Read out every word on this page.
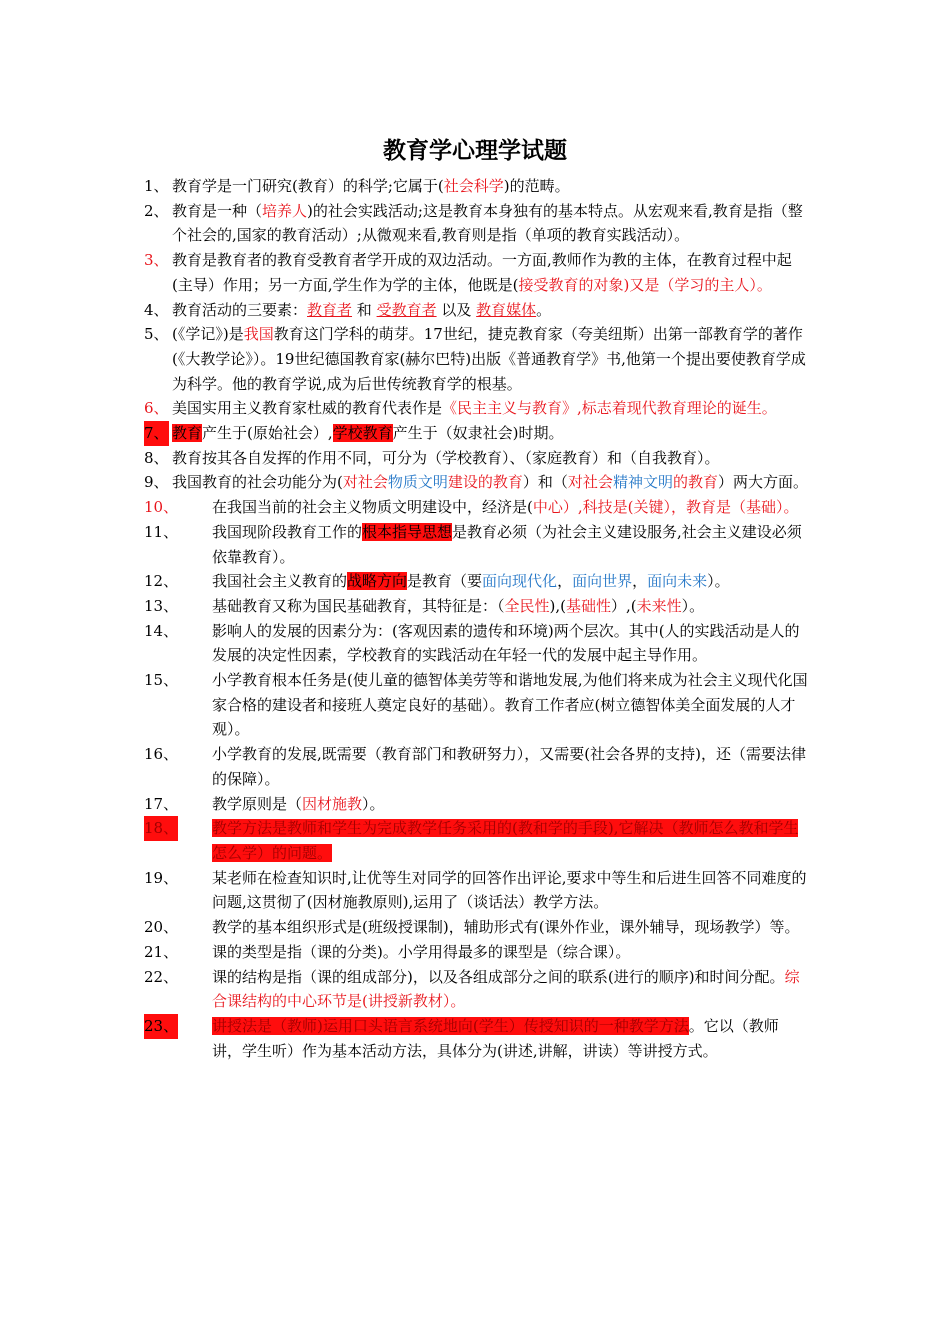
教育学心理学试题
1、 教育学是一门研究(教育）的科学;它属于(社会科学)的范畴。
2、 教育是一种（培养人)的社会实践活动;这是教育本身独有的基本特点。从宏观来看,教育是指（整个社会的,国家的教育活动）;从微观来看,教育则是指（单项的教育实践活动）。
3、 教育是教育者的教育受教育者学开成的双边活动。一方面,教师作为教的主体，在教育过程中起(主导）作用；另一方面,学生作为学的主体，他既是(接受教育的对象)又是（学习的主人）。
4、 教育活动的三要素：教育者 和 受教育者 以及 教育媒体。
5、 (《学记》)是我国教育这门学科的萌芽。17世纪，捷克教育家（夸美纽斯）出第一部教育学的著作(《大教学论》）。19世纪德国教育家(赫尔巴特)出版《普通教育学》书,他第一个提出要使教育学成为科学。他的教育学说,成为后世传统教育学的根基。
6、 美国实用主义教育家杜威的教育代表作是《民主主义与教育》,标志着现代教育理论的诞生。
7、 教育产生于(原始社会）,学校教育产生于（奴隶社会)时期。
8、 教育按其各自发挥的作用不同，可分为（学校教育）、（家庭教育）和（自我教育）。
9、 我国教育的社会功能分为(对社会物质文明建设的教育）和（对社会精神文明的教育）两大方面。
10、 在我国当前的社会主义物质文明建设中，经济是(中心）,科技是(关键），教育是（基础）。
11、 我国现阶段教育工作的根本指导思想是教育必须（为社会主义建设服务,社会主义建设必须依靠教育）。
12、 我国社会主义教育的战略方向是教育（要面向现代化，面向世界，面向未来）。
13、 基础教育又称为国民基础教育，其特征是：（全民性),(基础性）,(未来性）。
14、 影响人的发展的因素分为：(客观因素的遗传和环境)两个层次。其中(人的实践活动是人的发展的决定性因素，学校教育的实践活动在年轻一代的发展中起主导作用。
15、 小学教育根本任务是(使儿童的德智体美劳等和谐地发展,为他们将来成为社会主义现代化国家合格的建设者和接班人奠定良好的基础）。教育工作者应(树立德智体美全面发展的人才观）。
16、 小学教育的发展,既需要（教育部门和教研努力），又需要(社会各界的支持)，还（需要法律的保障）。
17、 教学原则是（因材施教）。
18、 教学方法是教师和学生为完成教学任务采用的(教和学的手段),它解决（教师怎么教和学生怎么学）的问题。
19、 某老师在检查知识时,让优等生对同学的回答作出评论,要求中等生和后进生回答不同难度的问题,这贯彻了(因材施教原则),运用了（谈话法）教学方法。
20、 教学的基本组织形式是(班级授课制)，辅助形式有(课外作业，课外辅导，现场教学）等。
21、 课的类型是指（课的分类)。小学用得最多的课型是（综合课）。
22、 课的结构是指（课的组成部分)，以及各组成部分之间的联系(进行的顺序)和时间分配。综合课结构的中心环节是(讲授新教材）。
23、 讲授法是（教师)运用口头语言系统地向(学生）传授知识的一种教学方法。它以（教师讲，学生听）作为基本活动方法，具体分为(讲述,讲解，讲读）等讲授方式。
